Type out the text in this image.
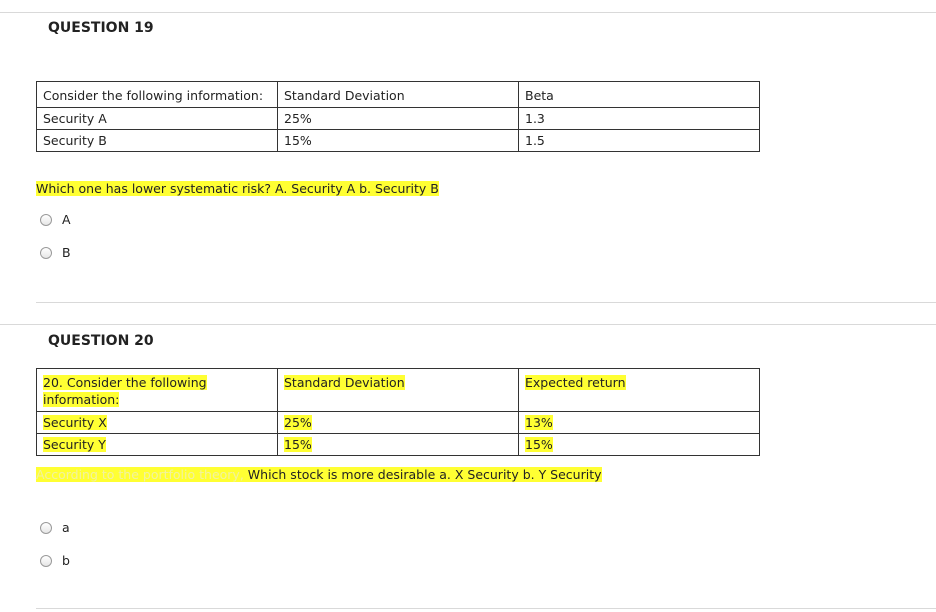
QUESTION 19
Consider the following information:	Standard Deviation	Beta
Security A	25%	1.3
Security B	15%	1.5
Which one has lower systematic risk? A. Security A b. Security B
A
B
QUESTION 20
20. Consider the following information:	Standard Deviation	Expected return
Security X	25%	13%
Security Y	15%	15%
According to the portfolio theory, Which stock is more desirable a. X Security b. Y Security
a
b
